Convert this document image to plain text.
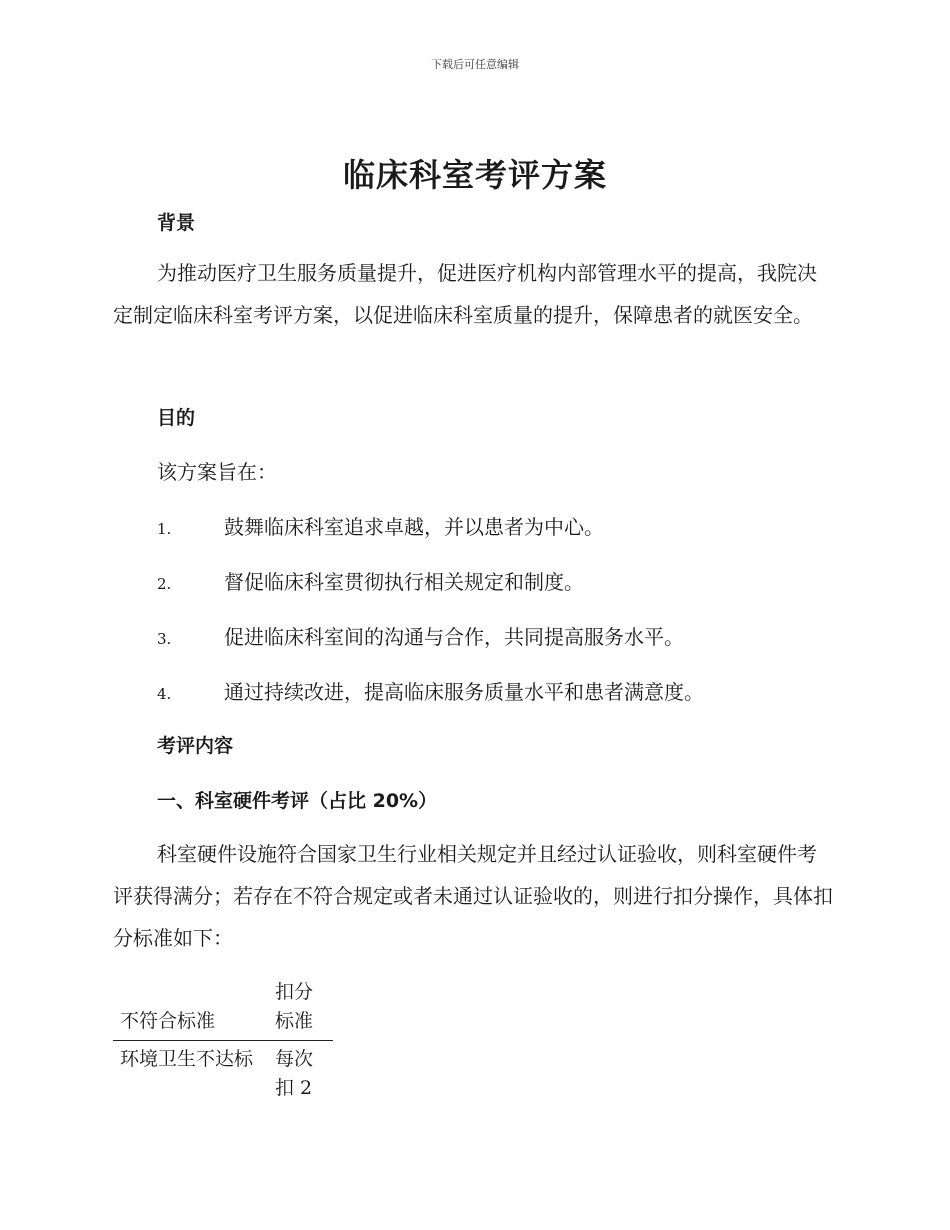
下载后可任意编辑
临床科室考评方案
背景
为推动医疗卫生服务质量提升，促进医疗机构内部管理水平的提高，我院决定制定临床科室考评方案，以促进临床科室质量的提升，保障患者的就医安全。
目的
该方案旨在：
1.	鼓舞临床科室追求卓越，并以患者为中心。
2.	督促临床科室贯彻执行相关规定和制度。
3.	促进临床科室间的沟通与合作，共同提高服务水平。
4.	通过持续改进，提高临床服务质量水平和患者满意度。
考评内容
一、科室硬件考评（占比 20%）
科室硬件设施符合国家卫生行业相关规定并且经过认证验收，则科室硬件考评获得满分；若存在不符合规定或者未通过认证验收的，则进行扣分操作，具体扣分标准如下：
不符合标准	扣分标准
环境卫生不达标	每次扣 2
